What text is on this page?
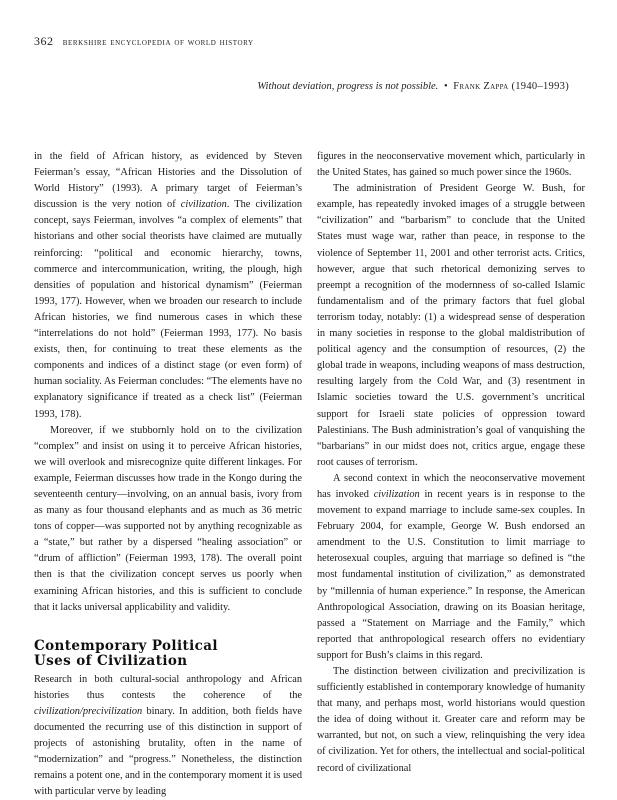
362 berkshire encyclopedia of world history
Without deviation, progress is not possible. • Frank Zappa (1940–1993)

in the field of African history, as evidenced by Steven Feierman’s essay, “African Histories and the Dissolution of World History” (1993). A primary target of Feierman’s discussion is the very notion of civilization. The civilization concept, says Feierman, involves “a complex of elements” that historians and other social theorists have claimed are mutually reinforcing: “political and economic hierarchy, towns, commerce and intercommunication, writing, the plough, high densities of population and historical dynamism” (Feierman 1993, 177). However, when we broaden our research to include African histories, we find numerous cases in which these “interrelations do not hold” (Feierman 1993, 177). No basis exists, then, for continuing to treat these elements as the components and indices of a distinct stage (or even form) of human sociality. As Feierman concludes: “The elements have no explanatory significance if treated as a check list” (Feierman 1993, 178).

Moreover, if we stubbornly hold on to the civilization “complex” and insist on using it to perceive African histories, we will overlook and misrecognize quite different linkages. For example, Feierman discusses how trade in the Kongo during the seventeenth century—involving, on an annual basis, ivory from as many as four thousand elephants and as much as 36 metric tons of copper—was supported not by anything recognizable as a “state,” but rather by a dispersed “healing association” or “drum of affliction” (Feierman 1993, 178). The overall point then is that the civilization concept serves us poorly when examining African histories, and this is sufficient to conclude that it lacks universal applicability and validity.

Contemporary Political
Uses of Civilization

Research in both cultural-social anthropology and African histories thus contests the coherence of the civilization/precivilization binary. In addition, both fields have documented the recurring use of this distinction in support of projects of astonishing brutality, often in the name of “modernization” and “progress.” Nonetheless, the distinction remains a potent one, and in the contemporary moment it is used with particular verve by leading

figures in the neoconservative movement which, particularly in the United States, has gained so much power since the 1960s.

The administration of President George W. Bush, for example, has repeatedly invoked images of a struggle between “civilization” and “barbarism” to conclude that the United States must wage war, rather than peace, in response to the violence of September 11, 2001 and other terrorist acts. Critics, however, argue that such rhetorical demonizing serves to preempt a recognition of the modernness of so-called Islamic fundamentalism and of the primary factors that fuel global terrorism today, notably: (1) a widespread sense of desperation in many societies in response to the global maldistribution of political agency and the consumption of resources, (2) the global trade in weapons, including weapons of mass destruction, resulting largely from the Cold War, and (3) resentment in Islamic societies toward the U.S. government’s uncritical support for Israeli state policies of oppression toward Palestinians. The Bush administration’s goal of vanquishing the “barbarians” in our midst does not, critics argue, engage these root causes of terrorism.

A second context in which the neoconservative movement has invoked civilization in recent years is in response to the movement to expand marriage to include same-sex couples. In February 2004, for example, George W. Bush endorsed an amendment to the U.S. Constitution to limit marriage to heterosexual couples, arguing that marriage so defined is “the most fundamental institution of civilization,” as demonstrated by “millennia of human experience.” In response, the American Anthropological Association, drawing on its Boasian heritage, passed a “Statement on Marriage and the Family,” which reported that anthropological research offers no evidentiary support for Bush’s claims in this regard.

The distinction between civilization and precivilization is sufficiently established in contemporary knowledge of humanity that many, and perhaps most, world historians would question the idea of doing without it. Greater care and reform may be warranted, but not, on such a view, relinquishing the very idea of civilization. Yet for others, the intellectual and social-political record of civilizational
